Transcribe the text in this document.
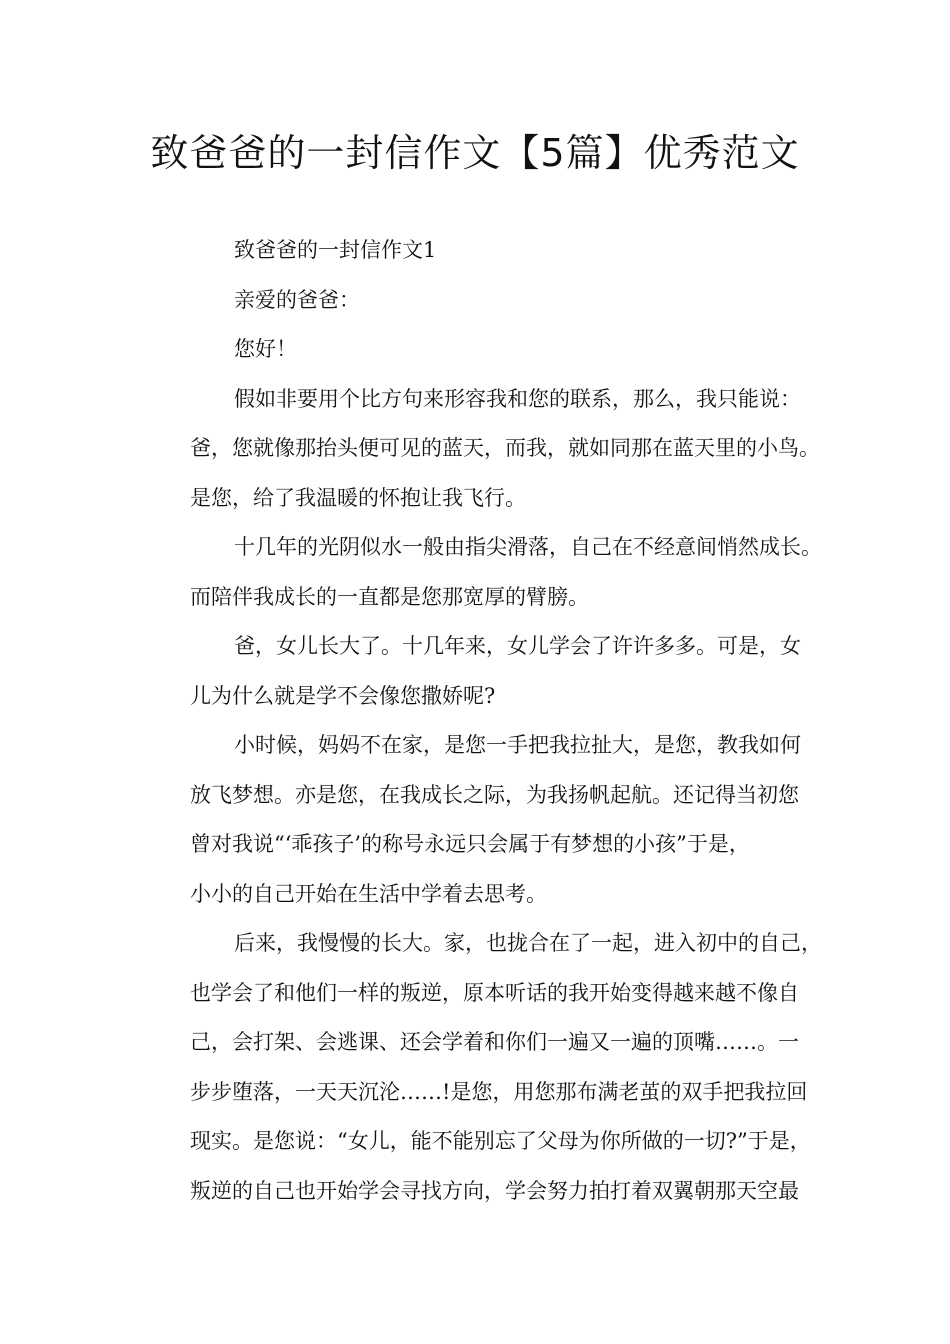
致爸爸的一封信作文【5篇】优秀范文
致爸爸的一封信作文1
亲爱的爸爸：
您好！
假如非要用个比方句来形容我和您的联系，那么，我只能说：
爸，您就像那抬头便可见的蓝天，而我，就如同那在蓝天里的小鸟。
是您，给了我温暖的怀抱让我飞行。
十几年的光阴似水一般由指尖滑落，自己在不经意间悄然成长。
而陪伴我成长的一直都是您那宽厚的臂膀。
爸，女儿长大了。十几年来，女儿学会了许许多多。可是，女
儿为什么就是学不会像您撒娇呢?
小时候，妈妈不在家，是您一手把我拉扯大，是您，教我如何
放飞梦想。亦是您，在我成长之际，为我扬帆起航。还记得当初您
曾对我说“‘乖孩子’的称号永远只会属于有梦想的小孩”于是，
小小的自己开始在生活中学着去思考。
后来，我慢慢的长大。家，也拢合在了一起，进入初中的自己，
也学会了和他们一样的叛逆，原本听话的我开始变得越来越不像自
己，会打架、会逃课、还会学着和你们一遍又一遍的顶嘴……。一
步步堕落，一天天沉沦……!是您，用您那布满老茧的双手把我拉回
现实。是您说：“女儿，能不能别忘了父母为你所做的一切?”于是，
叛逆的自己也开始学会寻找方向，学会努力拍打着双翼朝那天空最
